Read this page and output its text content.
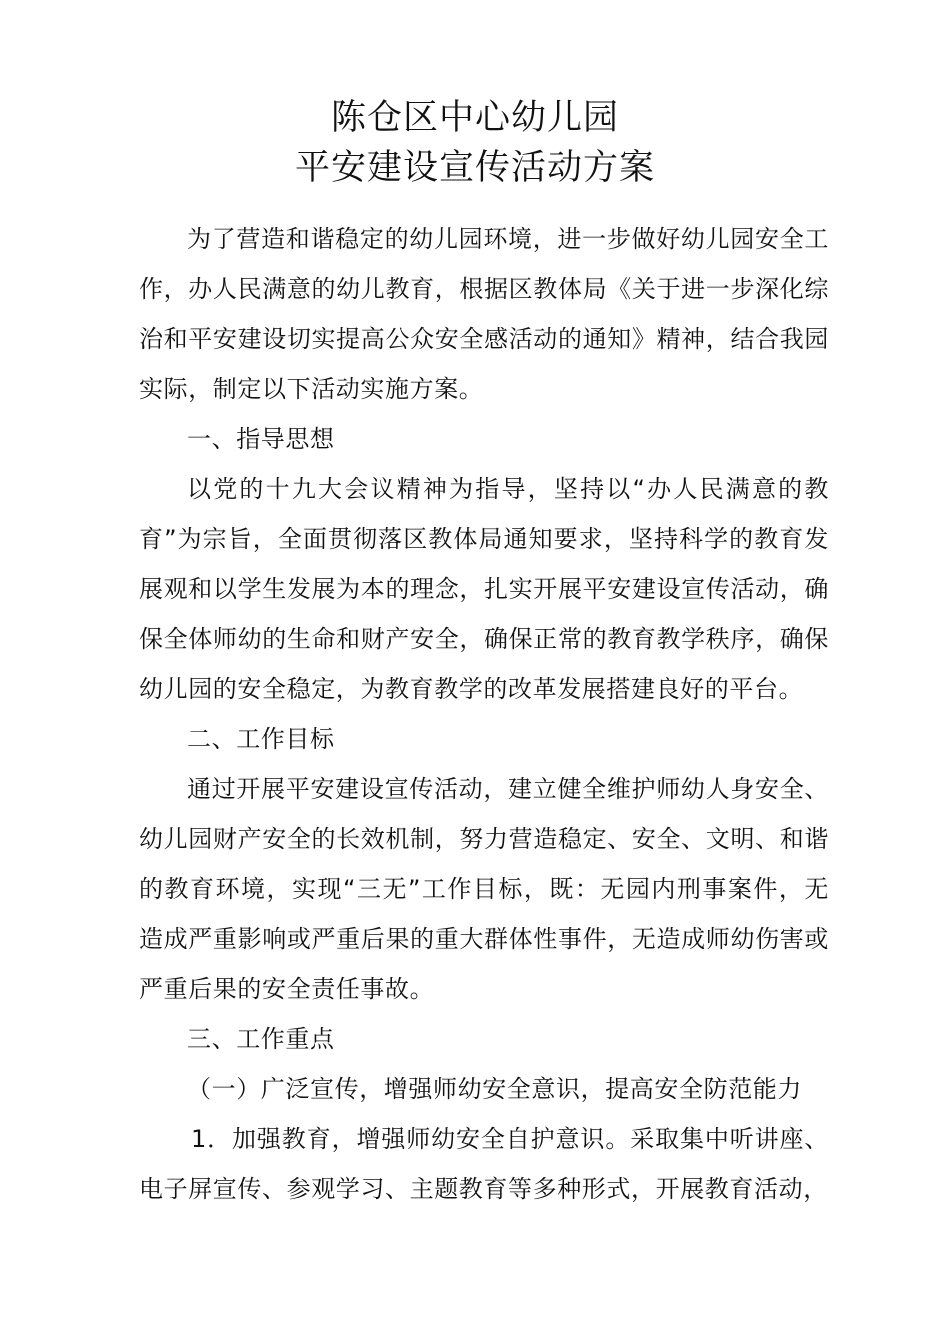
陈仓区中心幼儿园
平安建设宣传活动方案

为了营造和谐稳定的幼儿园环境，进一步做好幼儿园安全工作，办人民满意的幼儿教育，根据区教体局《关于进一步深化综治和平安建设切实提高公众安全感活动的通知》精神，结合我园实际，制定以下活动实施方案。

一、指导思想

以党的十九大会议精神为指导，坚持以“办人民满意的教育”为宗旨，全面贯彻落区教体局通知要求，坚持科学的教育发展观和以学生发展为本的理念，扎实开展平安建设宣传活动，确保全体师幼的生命和财产安全，确保正常的教育教学秩序，确保幼儿园的安全稳定，为教育教学的改革发展搭建良好的平台。

二、工作目标

通过开展平安建设宣传活动，建立健全维护师幼人身安全、幼儿园财产安全的长效机制，努力营造稳定、安全、文明、和谐的教育环境，实现“三无”工作目标，既：无园内刑事案件，无造成严重影响或严重后果的重大群体性事件，无造成师幼伤害或严重后果的安全责任事故。

三、工作重点

（一）广泛宣传，增强师幼安全意识，提高安全防范能力

1．加强教育，增强师幼安全自护意识。采取集中听讲座、电子屏宣传、参观学习、主题教育等多种形式，开展教育活动，
